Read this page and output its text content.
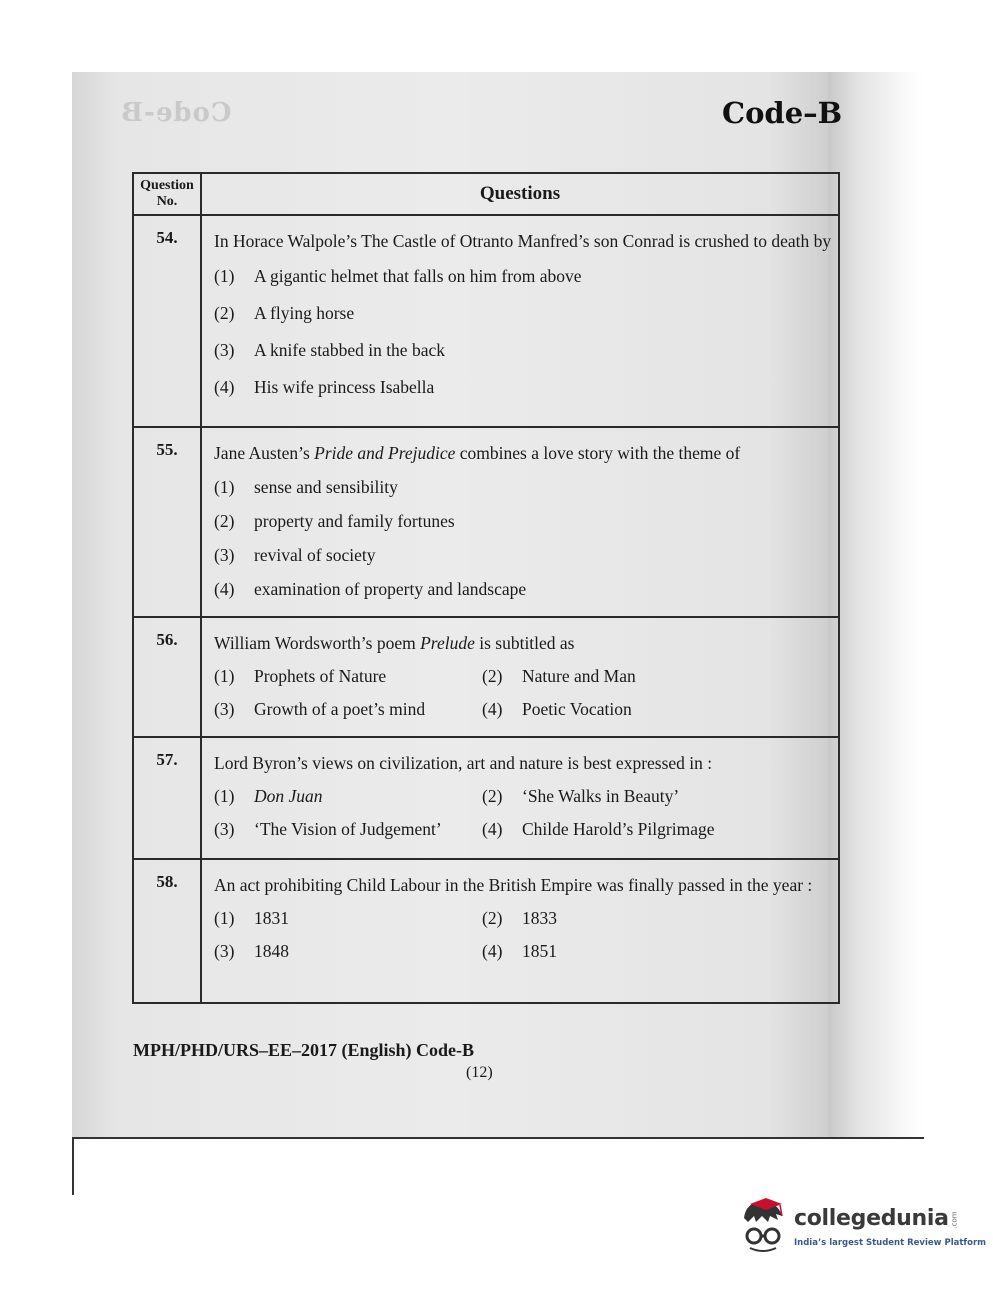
Code-B	Code–B
Question No.	Questions
54.	In Horace Walpole’s The Castle of Otranto Manfred’s son Conrad is crushed to death by
(1) A gigantic helmet that falls on him from above
(2) A flying horse
(3) A knife stabbed in the back
(4) His wife princess Isabella

55.	Jane Austen’s Pride and Prejudice combines a love story with the theme of
(1) sense and sensibility
(2) property and family fortunes
(3) revival of society
(4) examination of property and landscape

56.	William Wordsworth’s poem Prelude is subtitled as
(1) Prophets of Nature (2) Nature and Man
(3) Growth of a poet’s mind (4) Poetic Vocation

57.	Lord Byron’s views on civilization, art and nature is best expressed in :
(1) Don Juan (2) ‘She Walks in Beauty’
(3) ‘The Vision of Judgement’ (4) Childe Harold’s Pilgrimage

58.	An act prohibiting Child Labour in the British Empire was finally passed in the year :
(1) 1831 (2) 1833
(3) 1848 (4) 1851
MPH/PHD/URS–EE–2017 (English) Code-B
(12)
collegedunia .com
India’s largest Student Review Platform
